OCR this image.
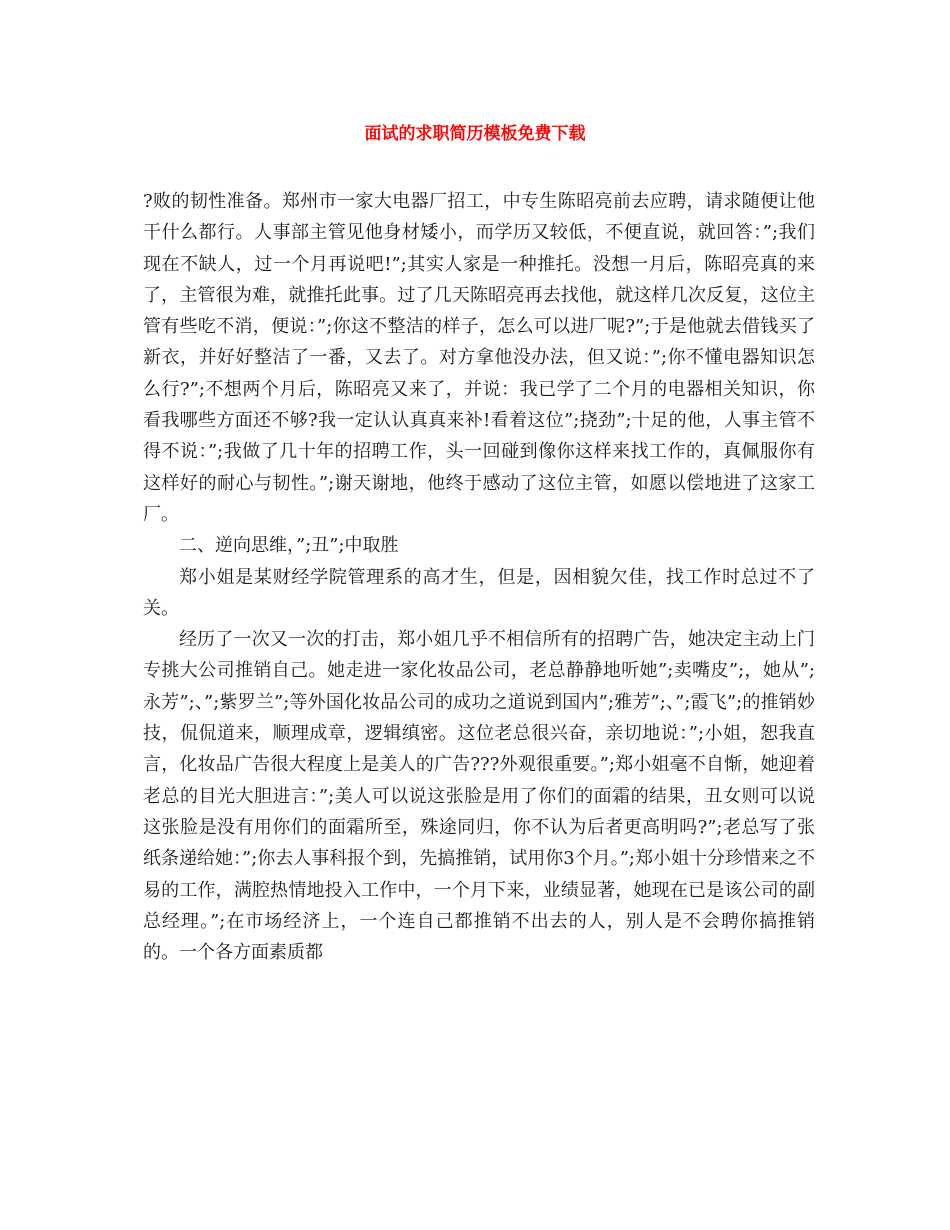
面试的求职简历模板免费下载

?败的韧性准备。郑州市一家大电器厂招工，中专生陈昭亮前去应聘，请求随便让他干什么都行。人事部主管见他身材矮小，而学历又较低，不便直说，就回答：”;我们现在不缺人，过一个月再说吧!”;其实人家是一种推托。没想一月后，陈昭亮真的来了，主管很为难，就推托此事。过了几天陈昭亮再去找他，就这样几次反复，这位主管有些吃不消，便说：”;你这不整洁的样子，怎么可以进厂呢?”;于是他就去借钱买了新衣，并好好整洁了一番，又去了。对方拿他没办法，但又说：”;你不懂电器知识怎么行?”;不想两个月后，陈昭亮又来了，并说：我已学了二个月的电器相关知识，你看我哪些方面还不够?我一定认认真真来补!看着这位”;挠劲”;十足的他，人事主管不得不说：”;我做了几十年的招聘工作，头一回碰到像你这样来找工作的，真佩服你有这样好的耐心与韧性。”;谢天谢地，他终于感动了这位主管，如愿以偿地进了这家工厂。

二、逆向思维，”;丑”;中取胜

郑小姐是某财经学院管理系的高才生，但是，因相貌欠佳，找工作时总过不了关。

经历了一次又一次的打击，郑小姐几乎不相信所有的招聘广告，她决定主动上门专挑大公司推销自己。她走进一家化妆品公司，老总静静地听她”;卖嘴皮”;，她从”;永芳”;、”;紫罗兰”;等外国化妆品公司的成功之道说到国内”;雅芳”;、”;霞飞”;的推销妙技，侃侃道来，顺理成章，逻辑缜密。这位老总很兴奋，亲切地说：”;小姐，恕我直言，化妆品广告很大程度上是美人的广告???外观很重要。”;郑小姐毫不自惭，她迎着老总的目光大胆进言：”;美人可以说这张脸是用了你们的面霜的结果，丑女则可以说这张脸是没有用你们的面霜所至，殊途同归，你不认为后者更高明吗?”;老总写了张纸条递给她：”;你去人事科报个到，先搞推销，试用你3个月。”;郑小姐十分珍惜来之不易的工作，满腔热情地投入工作中，一个月下来，业绩显著，她现在已是该公司的副总经理。”;在市场经济上，一个连自己都推销不出去的人，别人是不会聘你搞推销的。一个各方面素质都
